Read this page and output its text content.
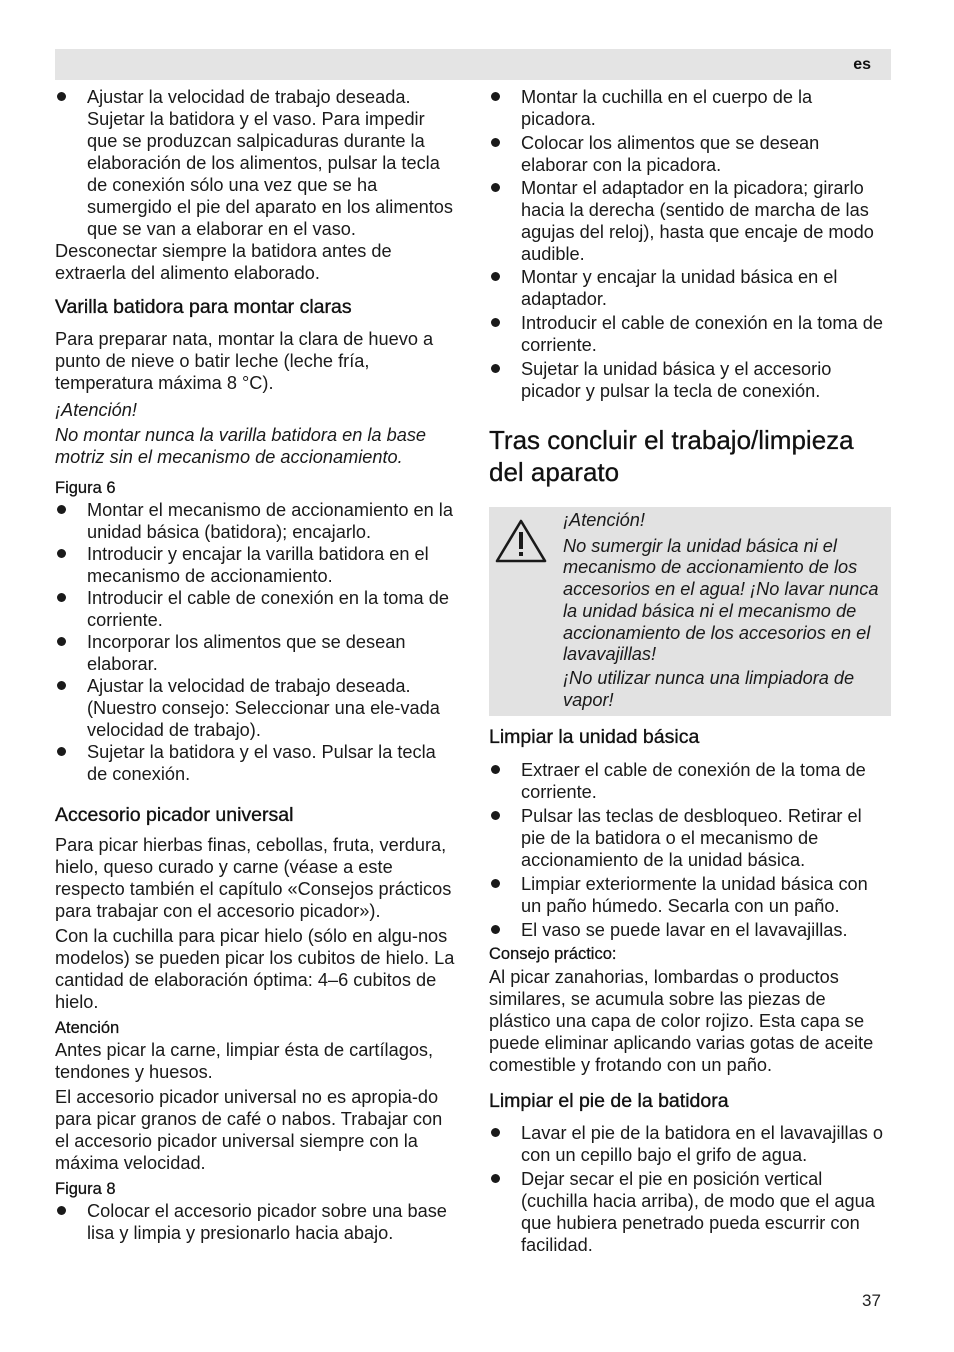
es
Ajustar la velocidad de trabajo deseada. Sujetar la batidora y el vaso. Para impedir que se produzcan salpicaduras durante la elaboración de los alimentos, pulsar la tecla de conexión sólo una vez que se ha sumergido el pie del aparato en los alimentos que se van a elaborar en el vaso.

Desconectar siempre la batidora antes de extraerla del alimento elaborado.

Varilla batidora para montar claras

Para preparar nata, montar la clara de huevo a punto de nieve o batir leche (leche fría, temperatura máxima 8 °C).

¡Atención!

No montar nunca la varilla batidora en la base motriz sin el mecanismo de accionamiento.

Figura 6

Montar el mecanismo de accionamiento en la unidad básica (batidora); encajarlo.
Introducir y encajar la varilla batidora en el mecanismo de accionamiento.
Introducir el cable de conexión en la toma de corriente.
Incorporar los alimentos que se desean elaborar.
Ajustar la velocidad de trabajo deseada. (Nuestro consejo: Seleccionar una ele-vada velocidad de trabajo).
Sujetar la batidora y el vaso. Pulsar la tecla de conexión.
Accesorio picador universal

Para picar hierbas finas, cebollas, fruta, verdura, hielo, queso curado y carne (véase a este respecto también el capítulo «Consejos prácticos para trabajar con el accesorio picador»).

Con la cuchilla para picar hielo (sólo en algu-nos modelos) se pueden picar los cubitos de hielo. La cantidad de elaboración óptima: 4–6 cubitos de hielo.

Atención

Antes picar la carne, limpiar ésta de cartílagos, tendones y huesos.

El accesorio picador universal no es apropia-do para picar granos de café o nabos. Trabajar con el accesorio picador universal siempre con la máxima velocidad.

Figura 8

Colocar el accesorio picador sobre una base lisa y limpia y presionarlo hacia abajo.
Montar la cuchilla en el cuerpo de la picadora.
Colocar los alimentos que se desean elaborar con la picadora.
Montar el adaptador en la picadora; girarlo hacia la derecha (sentido de marcha de las agujas del reloj), hasta que encaje de modo audible.
Montar y encajar la unidad básica en el adaptador.
Introducir el cable de conexión en la toma de corriente.
Sujetar la unidad básica y el accesorio picador y pulsar la tecla de conexión.
Tras concluir el trabajo/limpieza del aparato

¡Atención!

No sumergir la unidad básica ni el mecanismo de accionamiento de los accesorios en el agua! ¡No lavar nunca la unidad básica ni el mecanismo de accionamiento de los accesorios en el lavavajillas!

¡No utilizar nunca una limpiadora de vapor!

Limpiar la unidad básica
Extraer el cable de conexión de la toma de corriente.
Pulsar las teclas de desbloqueo. Retirar el pie de la batidora o el mecanismo de accionamiento de la unidad básica.
Limpiar exteriormente la unidad básica con un paño húmedo. Secarla con un paño.
El vaso se puede lavar en el lavavajillas.

Consejo práctico:

Al picar zanahorias, lombardas o productos similares, se acumula sobre las piezas de plástico una capa de color rojizo. Esta capa se puede eliminar aplicando varias gotas de aceite comestible y frotando con un paño.

Limpiar el pie de la batidora
Lavar el pie de la batidora en el lavavajillas o con un cepillo bajo el grifo de agua.
Dejar secar el pie en posición vertical (cuchilla hacia arriba), de modo que el agua que hubiera penetrado pueda escurrir con facilidad.
37
